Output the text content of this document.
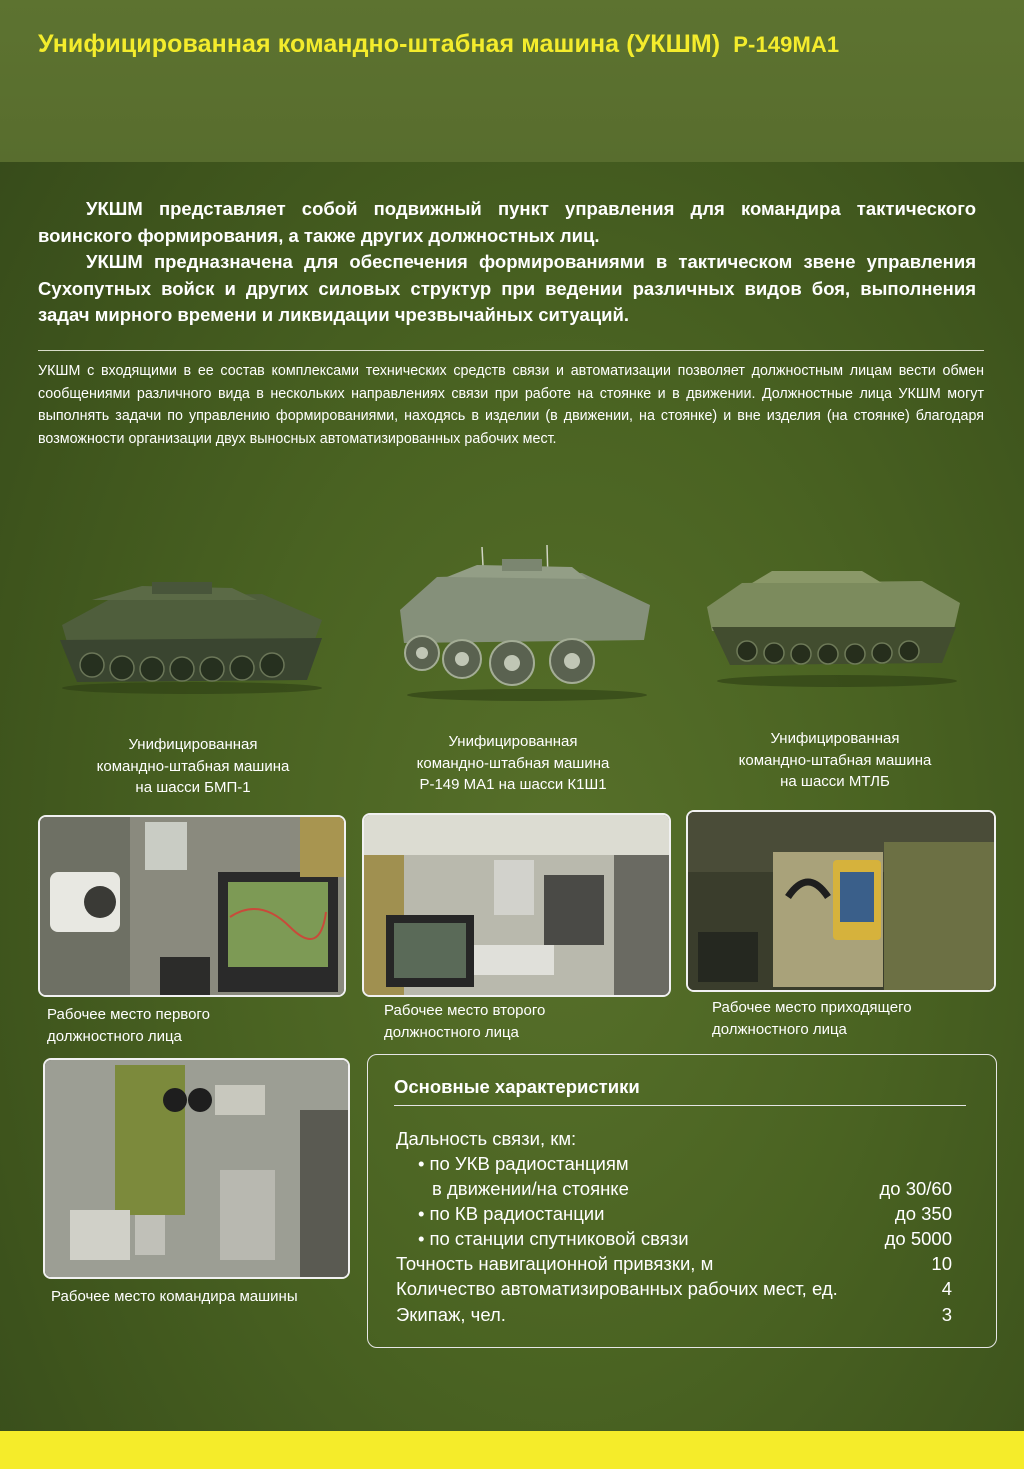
Унифицированная командно-штабная машина (УКШМ) Р-149МА1

УКШМ представляет собой подвижный пункт управления для командира тактического воинского формирования, а также других должностных лиц.

УКШМ предназначена для обеспечения формированиями в тактическом звене управления Сухопутных войск и других силовых структур при ведении различных видов боя, выполнения задач мирного времени и ликвидации чрезвычайных ситуаций.

УКШМ с входящими в ее состав комплексами технических средств связи и автоматизации позволяет должностным лицам вести обмен сообщениями различного вида в нескольких направлениях связи при работе на стоянке и в движении. Должностные лица УКШМ могут выполнять задачи по управлению формированиями, находясь в изделии (в движении, на стоянке) и вне изделия (на стоянке) благодаря возможности организации двух выносных автоматизированных рабочих мест.
Унифицированная
командно-штабная машина
на шасси БМП-1
Унифицированная
командно-штабная машина
Р-149 МА1 на шасси К1Ш1
Унифицированная
командно-штабная машина
на шасси МТЛБ
Рабочее место первого
должностного лица
Рабочее место второго
должностного лица
Рабочее место приходящего
должностного лица
Рабочее место командира машины
Основные характеристики
Дальность связи, км:
• по УКВ радиостанциям
в движении/на стоянке	до 30/60
• по КВ радиостанции	до 350
• по станции спутниковой связи	до 5000
Точность навигационной привязки, м	10
Количество автоматизированных рабочих мест, ед.	4
Экипаж, чел.	3
